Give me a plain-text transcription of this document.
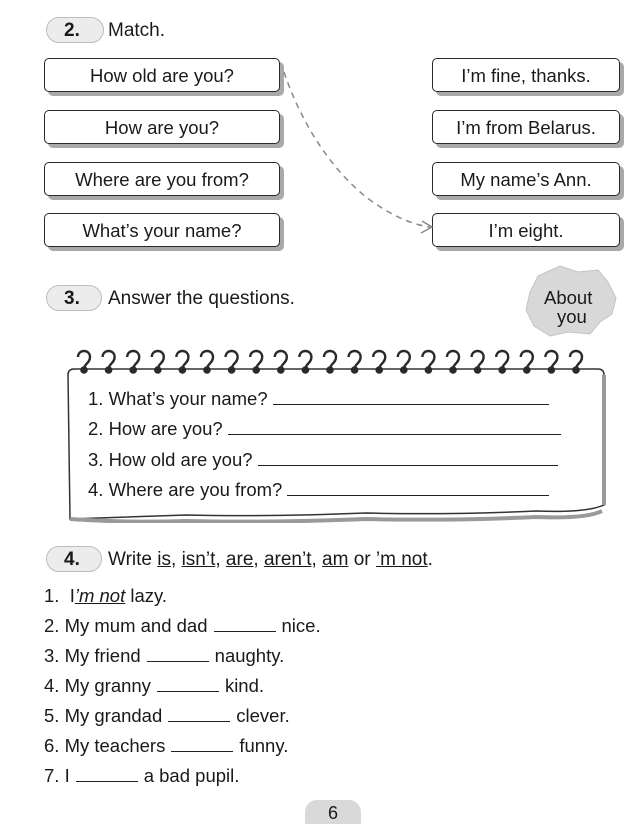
2.	Match.
How old are you?
How are you?
Where are you from?
What’s your name?
I’m fine, thanks.
I’m from Belarus.
My name’s Ann.
I’m eight.
3.	Answer the questions.	About
you
1. What’s your name?
2. How are you?
3. How old are you?
4. Where are you from?
4.	Write is, isn’t, are, aren’t, am or ’m not.
1. I’m not lazy.
2. My mum and dad	nice.
3. My friend	naughty.
4. My granny	kind.
5. My grandad	clever.
6. My teachers	funny.
7. I	a bad pupil.
6
